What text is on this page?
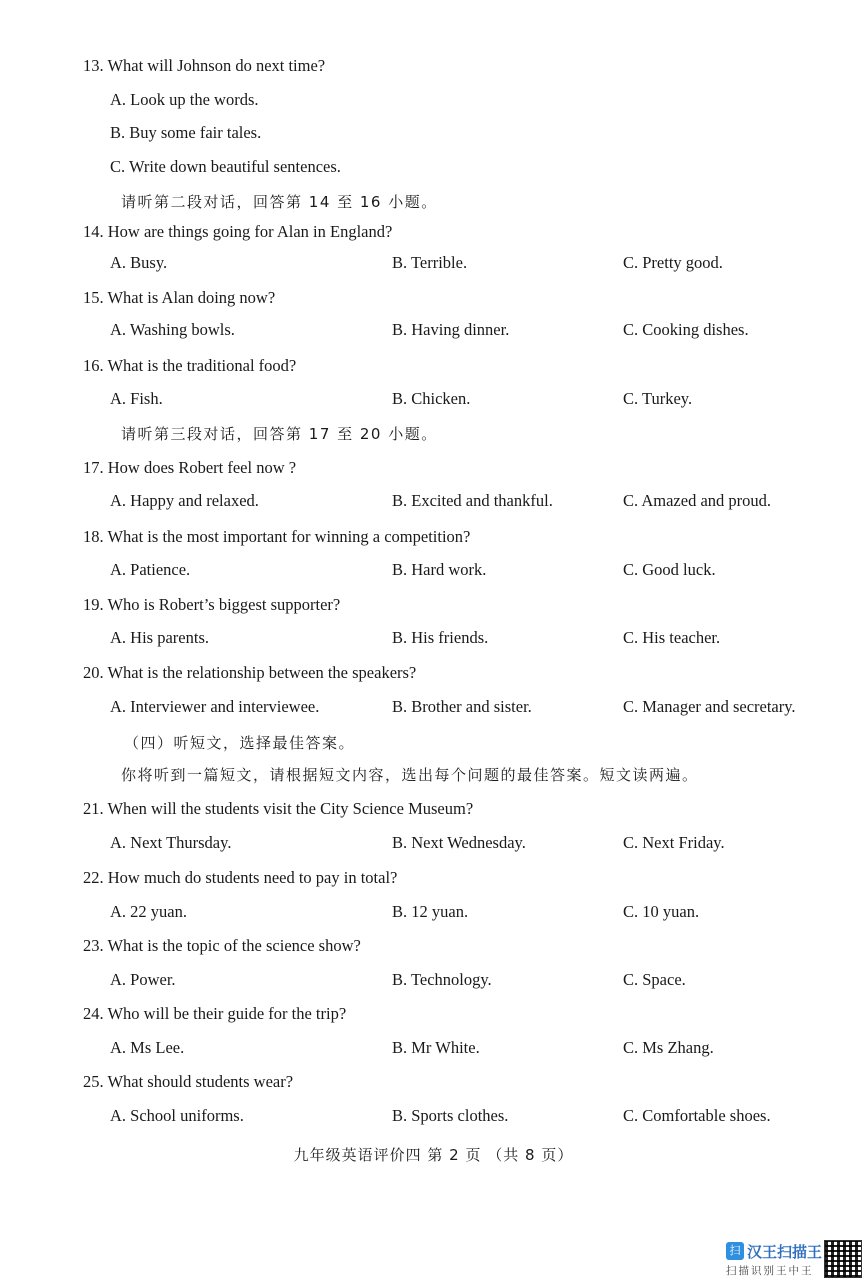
13. What will Johnson do next time?
A. Look up the words.
B. Buy some fair tales.
C. Write down beautiful sentences.
请听第二段对话，回答第 14 至 16 小题。
14. How are things going for Alan in England?
A. Busy.	B. Terrible.	C. Pretty good.
15. What is Alan doing now?
A. Washing bowls.	B. Having dinner.	C. Cooking dishes.
16. What is the traditional food?
A. Fish.	B. Chicken.	C. Turkey.
请听第三段对话，回答第 17 至 20 小题。
17. How does Robert feel now ?
A. Happy and relaxed.	B. Excited and thankful.	C. Amazed and proud.
18. What is the most important for winning a competition?
A. Patience.	B. Hard work.	C. Good luck.
19. Who is Robert’s biggest supporter?
A. His parents.	B. His friends.	C. His teacher.
20. What is the relationship between the speakers?
A. Interviewer and interviewee.	B. Brother and sister.	C. Manager and secretary.
（四）听短文，选择最佳答案。
你将听到一篇短文，请根据短文内容，选出每个问题的最佳答案。短文读两遍。
21. When will the students visit the City Science Museum?
A. Next Thursday.	B. Next Wednesday.	C. Next Friday.
22. How much do students need to pay in total?
A. 22 yuan.	B. 12 yuan.	C. 10 yuan.
23. What is the topic of the science show?
A. Power.	B. Technology.	C. Space.
24. Who will be their guide for the trip?
A. Ms Lee.	B. Mr White.	C. Ms Zhang.
25. What should students wear?
A. School uniforms.	B. Sports clothes.	C. Comfortable shoes.
九年级英语评价四 第 2 页 （共 8 页）
扫 汉王扫描王
扫描识别王中王
